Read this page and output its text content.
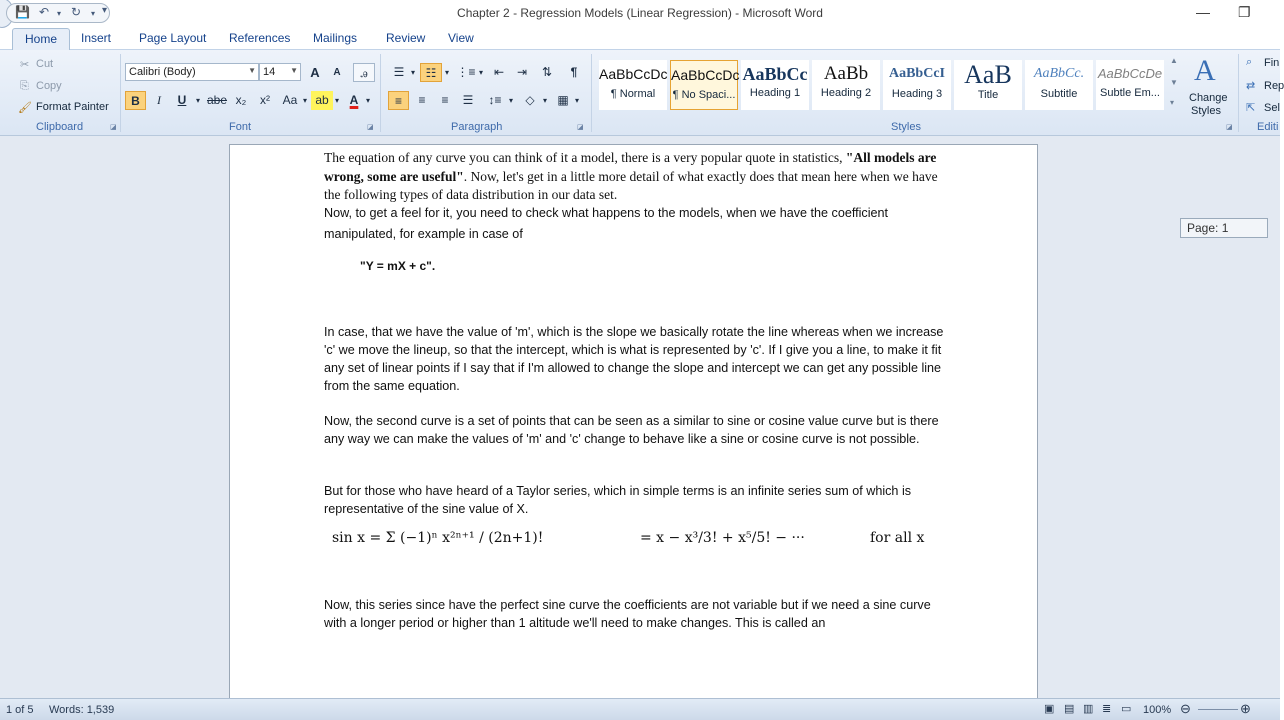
💾 ↶ ▾ ↻ ▾ ▾	Chapter 2 - Regression Models (Linear Regression) - Microsoft Word	— ❐
Home	Insert Page Layout References Mailings Review View
✂ Cut
⎘ Copy
🖌 Format Painter
Clipboard	◪
Calibri (Body)	▼ 14 ▼ A	A	ꭿ
B	I	U	▾ abe x₂	x²	Aa ▾ ab ▾ A ▾
Font	◪
☰ ▾ ☷	▾ ⋮≡ ▾ ⇤	⇥	⇅	¶
≡	≡	≡	☰	↕≡ ▾	◇	▾ ▦ ▾
Paragraph	◪
AaBbCcDc
¶ Normal
AaBbCcDc
¶ No Spaci...
AaBbCc
Heading 1
AaBb
Heading 2
AaBbCcI
Heading 3
AaB
Title
AaBbCc.
Subtitle
AaBbCcDe
Subtle Em...
▲
▼
▾
A
Change
Styles
Styles	◪
⌕ Fin
⇄ Rep
⇱ Sel
Editi
The equation of any curve you can think of it a model, there is a very popular quote in statistics, "All models are wrong, some are useful". Now, let's get in a little more detail of what exactly does that mean here when we have the following types of data distribution in our data set.
Now, to get a feel for it, you need to check what happens to the models, when we have the coefficient manipulated, for example in case of
"Y = mX + c".
In case, that we have the value of 'm', which is the slope we basically rotate the line whereas when we increase 'c' we move the lineup, so that the intercept, which is what is represented by 'c'. If I give you a line, to make it fit any set of linear points if I say that if I'm allowed to change the slope and intercept we can get any possible line from the same equation.
Now, the second curve is a set of points that can be seen as a similar to sine or cosine value curve but is there any way we can make the values of 'm' and 'c' change to behave like a sine or cosine curve is not possible.
But for those who have heard of a Taylor series, which in simple terms is an infinite series sum of which is representative of the sine value of X.
sin x = Σ (−1)ⁿ x²ⁿ⁺¹ / (2n+1)!	= x − x³/3! + x⁵/5! − ···	for all x
Now, this series since have the perfect sine curve the coefficients are not variable but if we need a sine curve with a longer period or higher than 1 altitude we'll need to make changes. This is called an
Page: 1
1 of 5 Words: 1,539	▣ ▤ ▥ ≣ ▭ 100% ⊖	⊕
